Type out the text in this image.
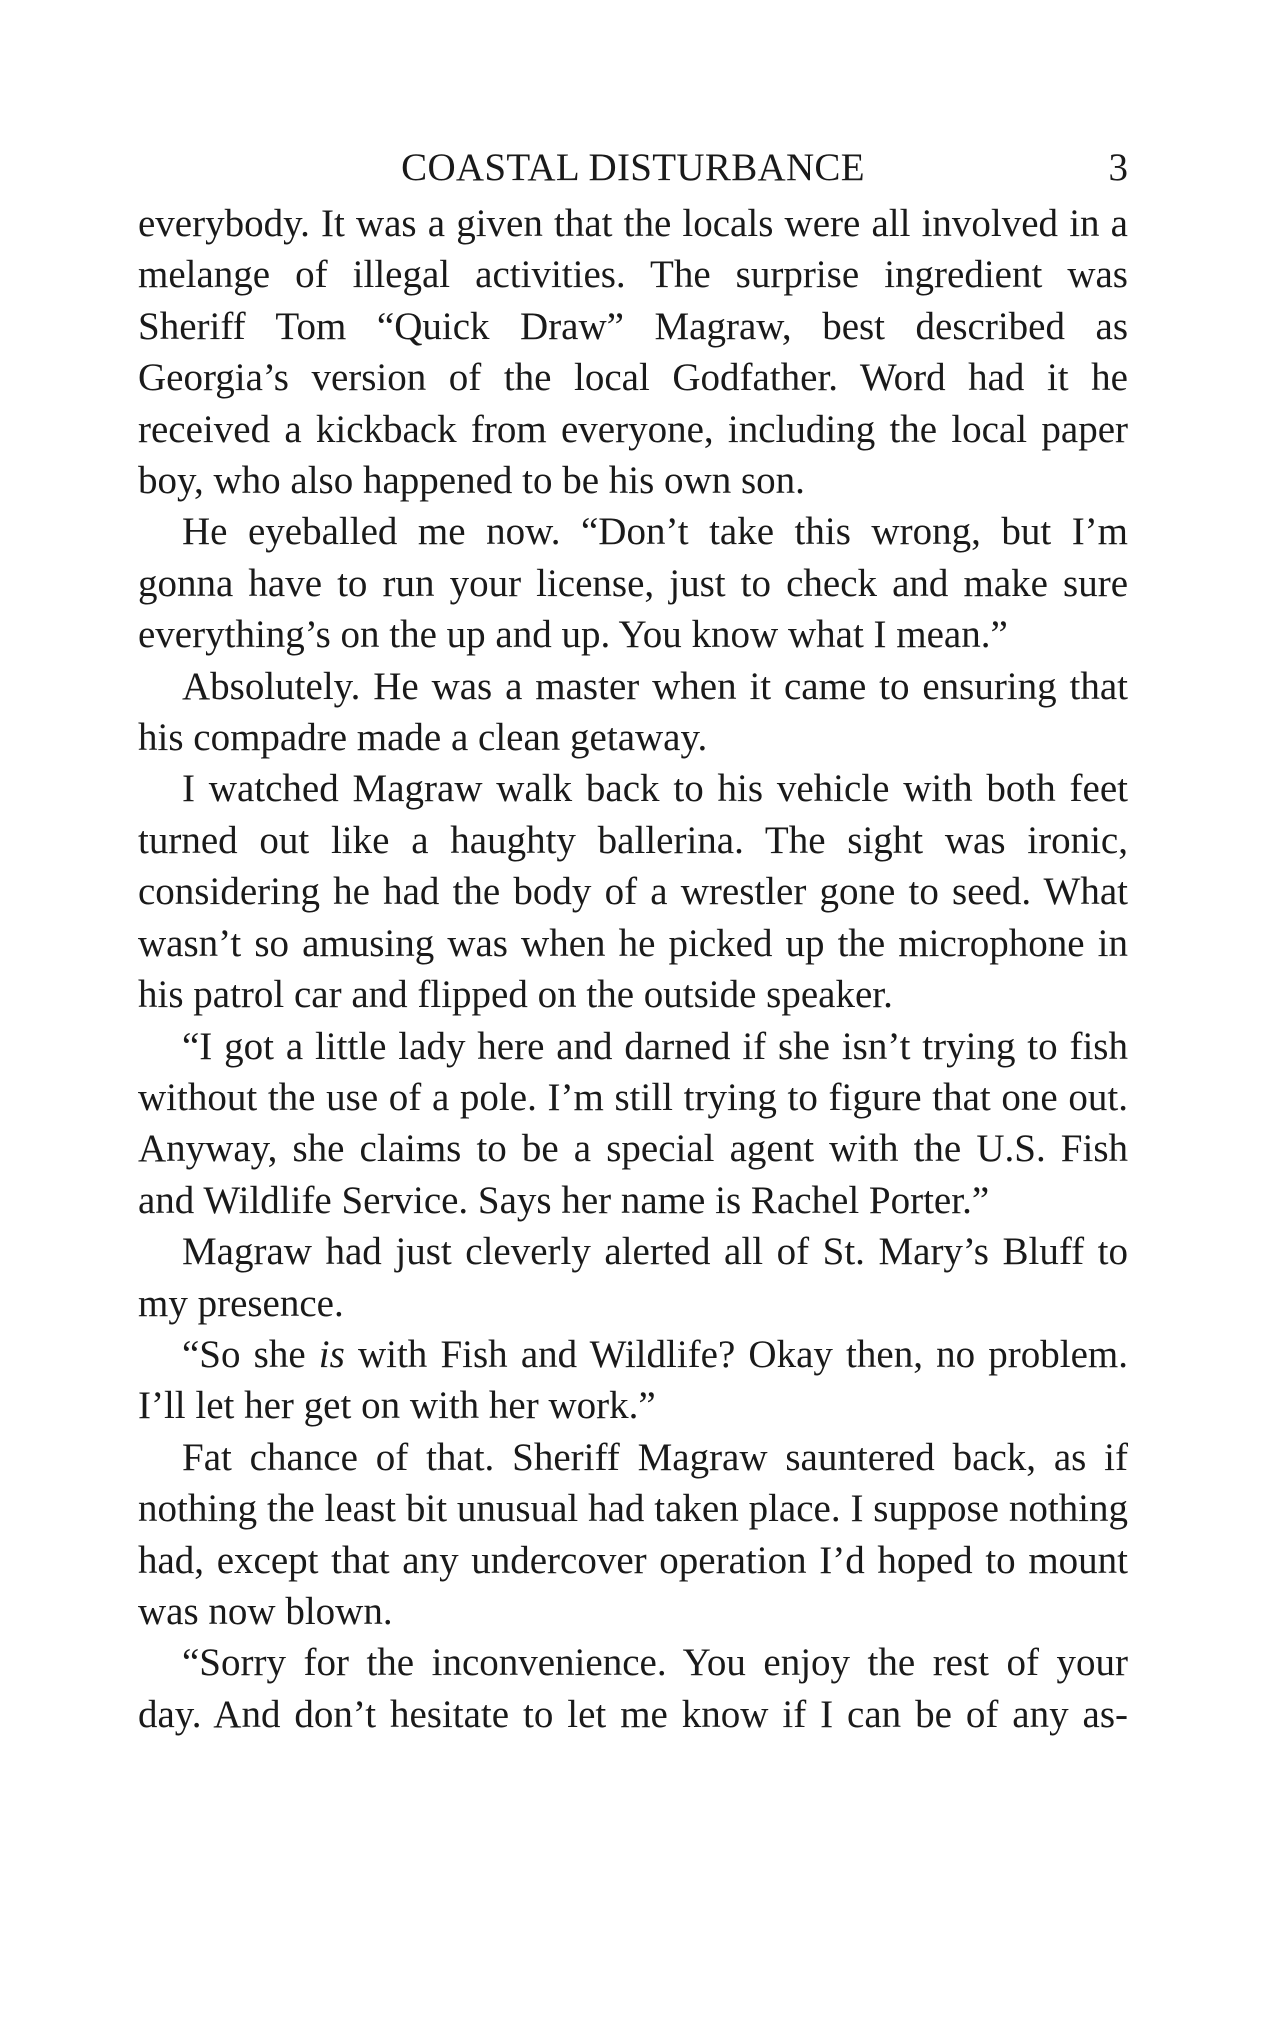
COASTAL DISTURBANCE	3

everybody. It was a given that the locals were all involved in a melange of illegal activities. The surprise ingredient was Sheriff Tom “Quick Draw” Magraw, best described as Georgia’s version of the local Godfather. Word had it he received a kickback from everyone, including the local paper boy, who also happened to be his own son.

He eyeballed me now. “Don’t take this wrong, but I’m gonna have to run your license, just to check and make sure everything’s on the up and up. You know what I mean.”

Absolutely. He was a master when it came to ensuring that his compadre made a clean getaway.

I watched Magraw walk back to his vehicle with both feet turned out like a haughty ballerina. The sight was ironic, considering he had the body of a wrestler gone to seed. What wasn’t so amusing was when he picked up the microphone in his patrol car and flipped on the outside speaker.

“I got a little lady here and darned if she isn’t trying to fish without the use of a pole. I’m still trying to figure that one out. Anyway, she claims to be a special agent with the U.S. Fish and Wildlife Service. Says her name is Rachel Porter.”

Magraw had just cleverly alerted all of St. Mary’s Bluff to my presence.

“So she is with Fish and Wildlife? Okay then, no problem. I’ll let her get on with her work.”

Fat chance of that. Sheriff Magraw sauntered back, as if nothing the least bit unusual had taken place. I suppose nothing had, except that any undercover operation I’d hoped to mount was now blown.

“Sorry for the inconvenience. You enjoy the rest of your day. And don’t hesitate to let me know if I can be of any as-
